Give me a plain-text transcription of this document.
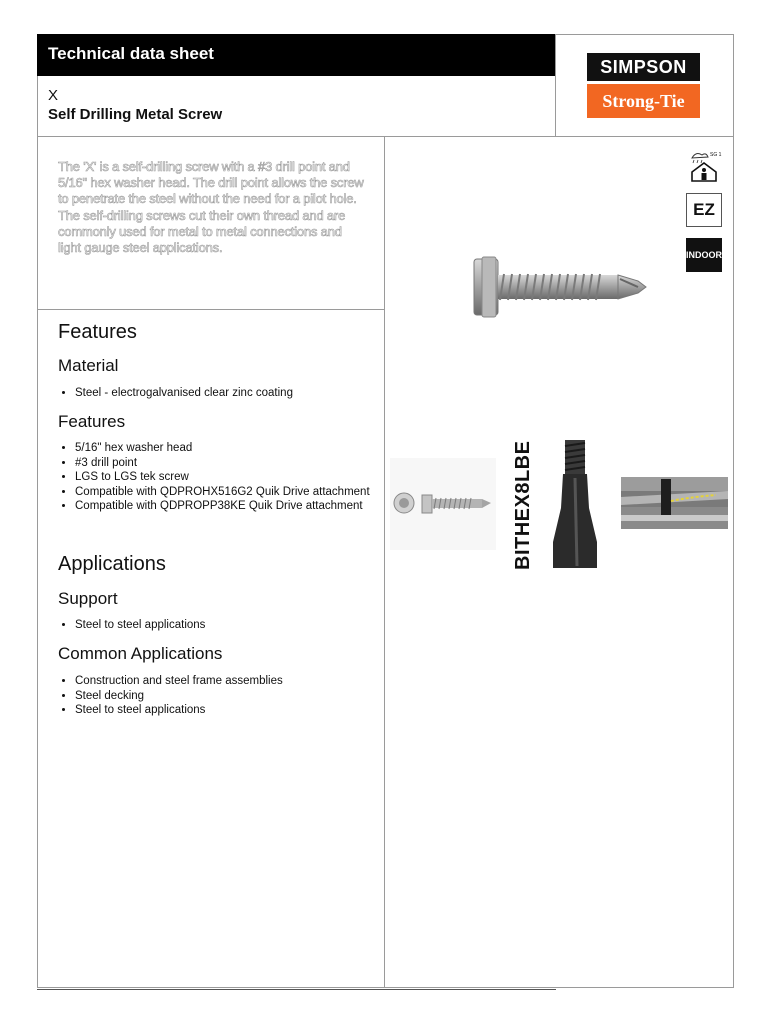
Technical data sheet
X
Self Drilling Metal Screw
SIMPSON
Strong-Tie
The 'X' is a self-drilling screw with a #3 drill point and 5/16" hex washer head. The drill point allows the screw to penetrate the steel without the need for a pilot hole. The self-drilling screws cut their own thread and are commonly used for metal to metal connections and light gauge steel applications.
Features
Material
• Steel - electrogalvanised clear zinc coating
Features
• 5/16" hex washer head
• #3 drill point
• LGS to LGS tek screw
• Compatible with QDPROHX516G2 Quik Drive attachment
• Compatible with QDPROPP38KE Quik Drive attachment
Applications
Support
• Steel to steel applications
Common Applications
• Construction and steel frame assemblies
• Steel decking
• Steel to steel applications
SG 1
EZ
INDOOR
BITHEX8LBE
